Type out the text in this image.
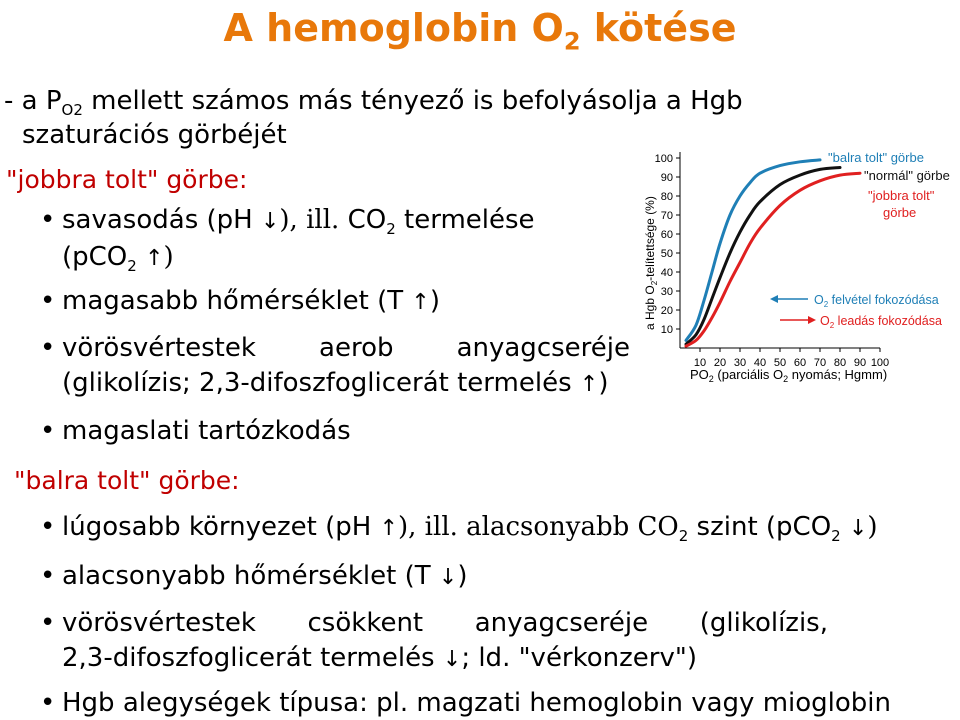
A hemoglobin $O_2$ kötése
- a $P_{O2}$ mellett számos más tényező is befolyásolja a Hgb
szaturációs görbéjét
"jobbra tolt" görbe:
• savasodás (pH ↓), ill. $CO_2$ termelése
(pCO$_2$ ↑)
• magasabb hőmérséklet (T ↑)
• vörösvértestek aerob anyagcseréje
(glikolízis; 2,3-difoszfoglicerát termelés ↑)
• magaslati tartózkodás
"balra tolt" görbe:
• lúgosabb környezet (pH ↑), ill. alacsonyabb $CO_2$ szint (pCO$_2$ ↓)
• alacsonyabb hőmérséklet (T ↓)
• vörösvértestek csökkent anyagcseréje (glikolízis,
2,3-difoszfoglicerát termelés ↓; ld. "vérkonzerv")
• Hgb alegységek típusa: pl. magzati hemoglobin vagy mioglobin
100
90
80
70
60
50
40
30
20
10
10 20 30 40 50 60 70 80 90 100
a Hgb $O_2$-telítettsége (%)
$PO_2$ (parciális $O_2$ nyomás; Hgmm)
"balra tolt" görbe
"normál" görbe
"jobbra tolt"
görbe
$O_2$ felvétel fokozódása
$O_2$ leadás fokozódása
